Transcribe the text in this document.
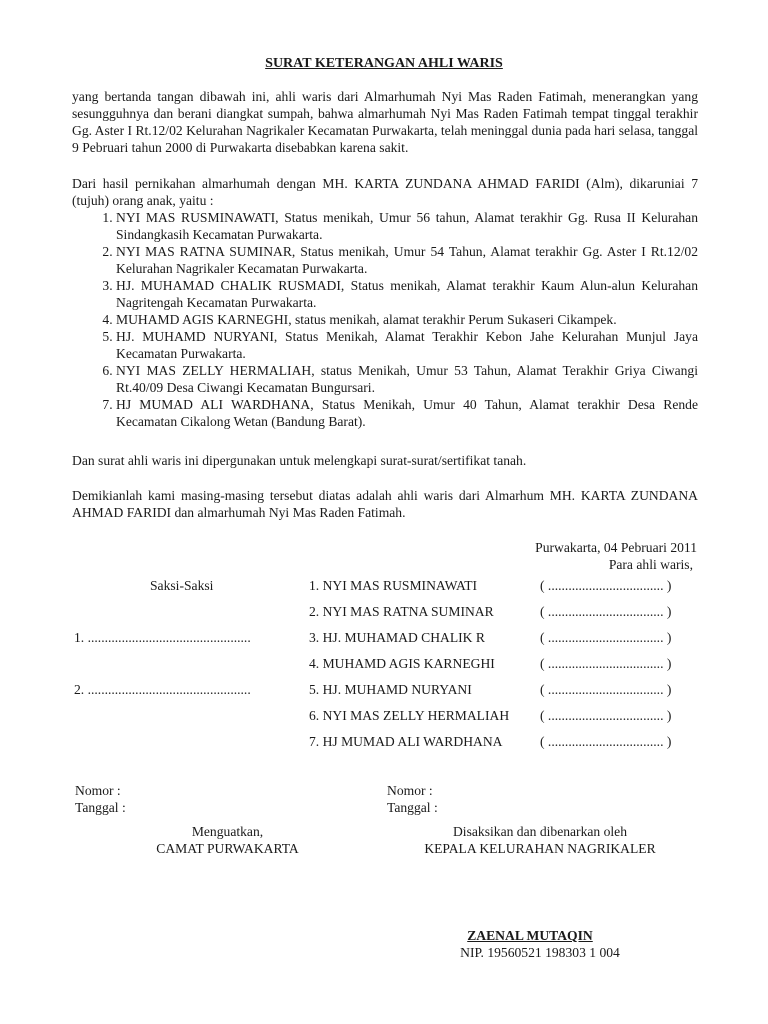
SURAT KETERANGAN AHLI WARIS
yang bertanda tangan dibawah ini, ahli waris dari Almarhumah Nyi Mas Raden Fatimah, menerangkan yang sesungguhnya dan berani diangkat sumpah, bahwa almarhumah Nyi Mas Raden Fatimah tempat tinggal terakhir Gg. Aster I Rt.12/02 Kelurahan Nagrikaler Kecamatan Purwakarta, telah meninggal dunia pada hari selasa, tanggal 9 Pebruari tahun 2000 di Purwakarta disebabkan karena sakit.
Dari hasil pernikahan almarhumah dengan MH. KARTA ZUNDANA AHMAD FARIDI (Alm), dikaruniai 7 (tujuh) orang anak, yaitu :
1. NYI MAS RUSMINAWATI, Status menikah, Umur 56 tahun, Alamat terakhir Gg. Rusa II Kelurahan Sindangkasih Kecamatan Purwakarta.
2. NYI MAS RATNA SUMINAR, Status menikah, Umur 54 Tahun, Alamat terakhir Gg. Aster I Rt.12/02 Kelurahan Nagrikaler Kecamatan Purwakarta.
3. HJ. MUHAMAD CHALIK RUSMADI, Status menikah, Alamat terakhir Kaum Alun-alun Kelurahan Nagritengah Kecamatan Purwakarta.
4. MUHAMD AGIS KARNEGHI, status menikah, alamat terakhir Perum Sukaseri Cikampek.
5. HJ. MUHAMD NURYANI, Status Menikah, Alamat Terakhir Kebon Jahe Kelurahan Munjul Jaya Kecamatan Purwakarta.
6. NYI MAS ZELLY HERMALIAH, status Menikah, Umur 53 Tahun, Alamat Terakhir Griya Ciwangi Rt.40/09 Desa Ciwangi Kecamatan Bungursari.
7. HJ MUMAD ALI WARDHANA, Status Menikah, Umur 40 Tahun, Alamat terakhir Desa Rende Kecamatan Cikalong Wetan (Bandung Barat).
Dan surat ahli waris ini dipergunakan untuk melengkapi surat-surat/sertifikat tanah.
Demikianlah kami masing-masing tersebut diatas adalah ahli waris dari Almarhum MH. KARTA ZUNDANA AHMAD FARIDI dan almarhumah Nyi Mas Raden Fatimah.
Purwakarta, 04 Pebruari 2011
Para ahli waris,
Saksi-Saksi
1. ................................................
2. ................................................
1. NYI MAS RUSMINAWATI
2. NYI MAS RATNA SUMINAR
3. HJ. MUHAMAD CHALIK R
4. MUHAMD AGIS KARNEGHI
5. HJ. MUHAMD NURYANI
6. NYI MAS ZELLY HERMALIAH
7. HJ MUMAD ALI WARDHANA
( .................................. )
( .................................. )
( .................................. )
( .................................. )
( .................................. )
( .................................. )
( .................................. )
Nomor :
Tanggal :
Nomor :
Tanggal :
Menguatkan,
CAMAT PURWAKARTA
Disaksikan dan dibenarkan oleh
KEPALA KELURAHAN NAGRIKALER
ZAENAL MUTAQIN
NIP. 19560521 198303 1 004
